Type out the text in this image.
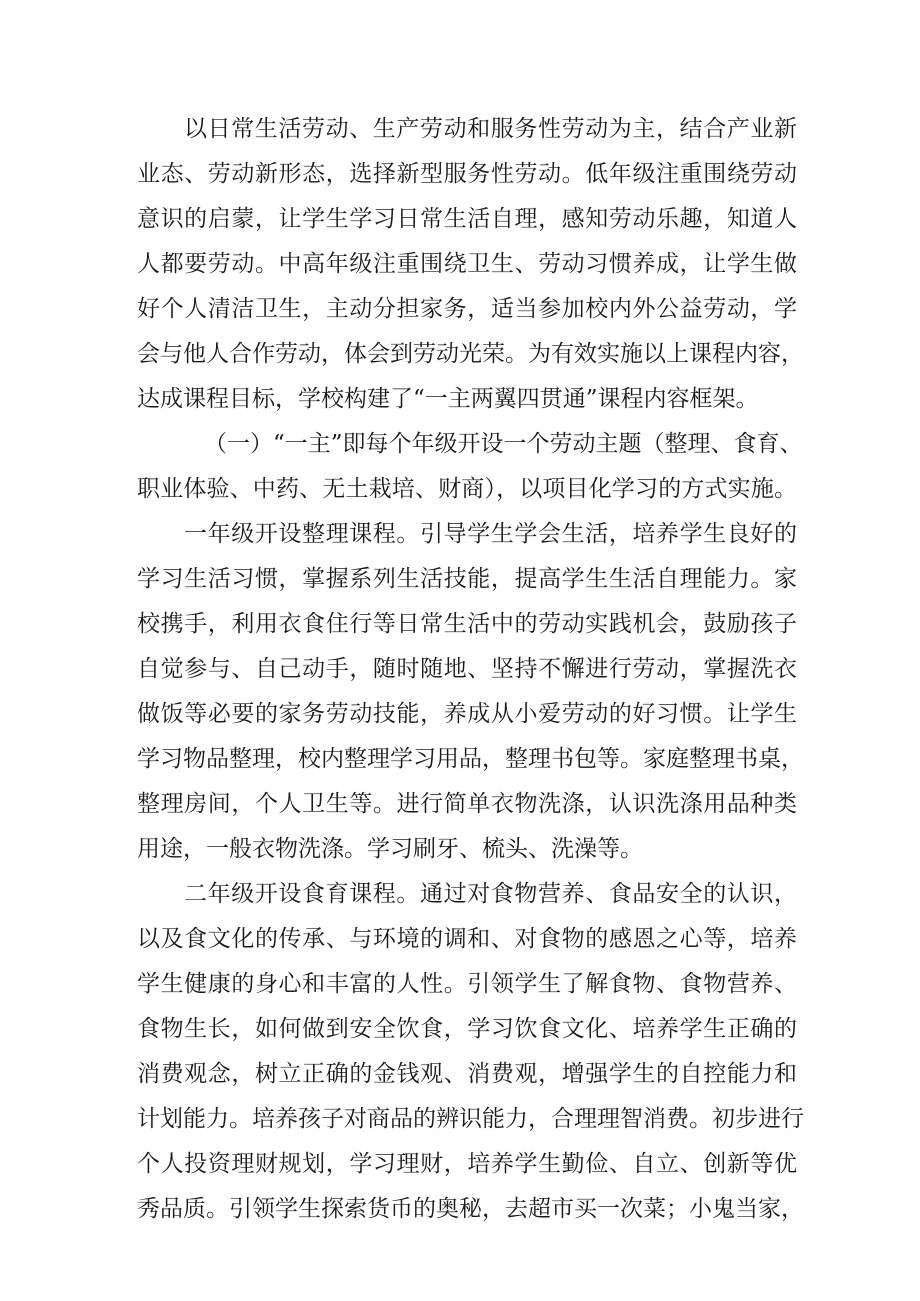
以日常生活劳动、生产劳动和服务性劳动为主，结合产业新
业态、劳动新形态，选择新型服务性劳动。低年级注重围绕劳动
意识的启蒙，让学生学习日常生活自理，感知劳动乐趣，知道人
人都要劳动。中高年级注重围绕卫生、劳动习惯养成，让学生做
好个人清洁卫生，主动分担家务，适当参加校内外公益劳动，学
会与他人合作劳动，体会到劳动光荣。为有效实施以上课程内容，
达成课程目标，学校构建了“一主两翼四贯通”课程内容框架。
（一）“一主”即每个年级开设一个劳动主题（整理、食育、
职业体验、中药、无土栽培、财商），以项目化学习的方式实施。
一年级开设整理课程。引导学生学会生活，培养学生良好的
学习生活习惯，掌握系列生活技能，提高学生生活自理能力。家
校携手，利用衣食住行等日常生活中的劳动实践机会，鼓励孩子
自觉参与、自己动手，随时随地、坚持不懈进行劳动，掌握洗衣
做饭等必要的家务劳动技能，养成从小爱劳动的好习惯。让学生
学习物品整理，校内整理学习用品，整理书包等。家庭整理书桌，
整理房间，个人卫生等。进行简单衣物洗涤，认识洗涤用品种类
用途，一般衣物洗涤。学习刷牙、梳头、洗澡等。
二年级开设食育课程。通过对食物营养、食品安全的认识，
以及食文化的传承、与环境的调和、对食物的感恩之心等，培养
学生健康的身心和丰富的人性。引领学生了解食物、食物营养、
食物生长，如何做到安全饮食，学习饮食文化、培养学生正确的
消费观念，树立正确的金钱观、消费观，增强学生的自控能力和
计划能力。培养孩子对商品的辨识能力，合理理智消费。初步进行
个人投资理财规划，学习理财，培养学生勤俭、自立、创新等优
秀品质。引领学生探索货币的奥秘，去超市买一次菜；小鬼当家，
